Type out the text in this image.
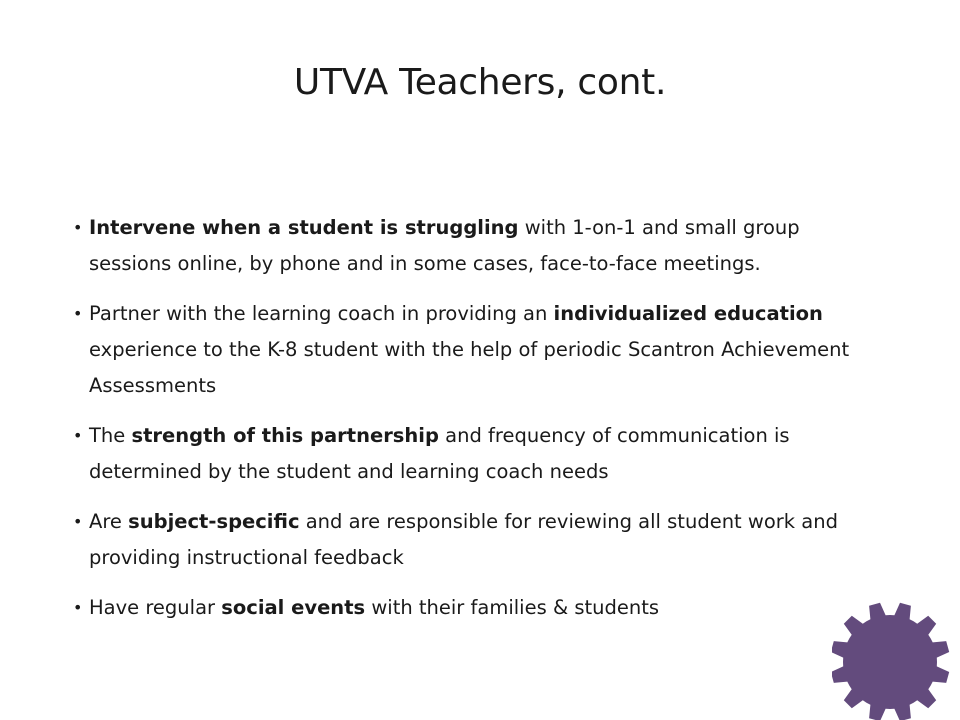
UTVA Teachers, cont.
• Intervene when a student is struggling with 1-on-1 and small group sessions online, by phone and in some cases, face-to-face meetings.
• Partner with the learning coach in providing an individualized education experience to the K-8 student with the help of periodic Scantron Achievement Assessments
• The strength of this partnership and frequency of communication is determined by the student and learning coach needs
• Are subject-specific and are responsible for reviewing all student work and providing instructional feedback
• Have regular social events with their families & students
